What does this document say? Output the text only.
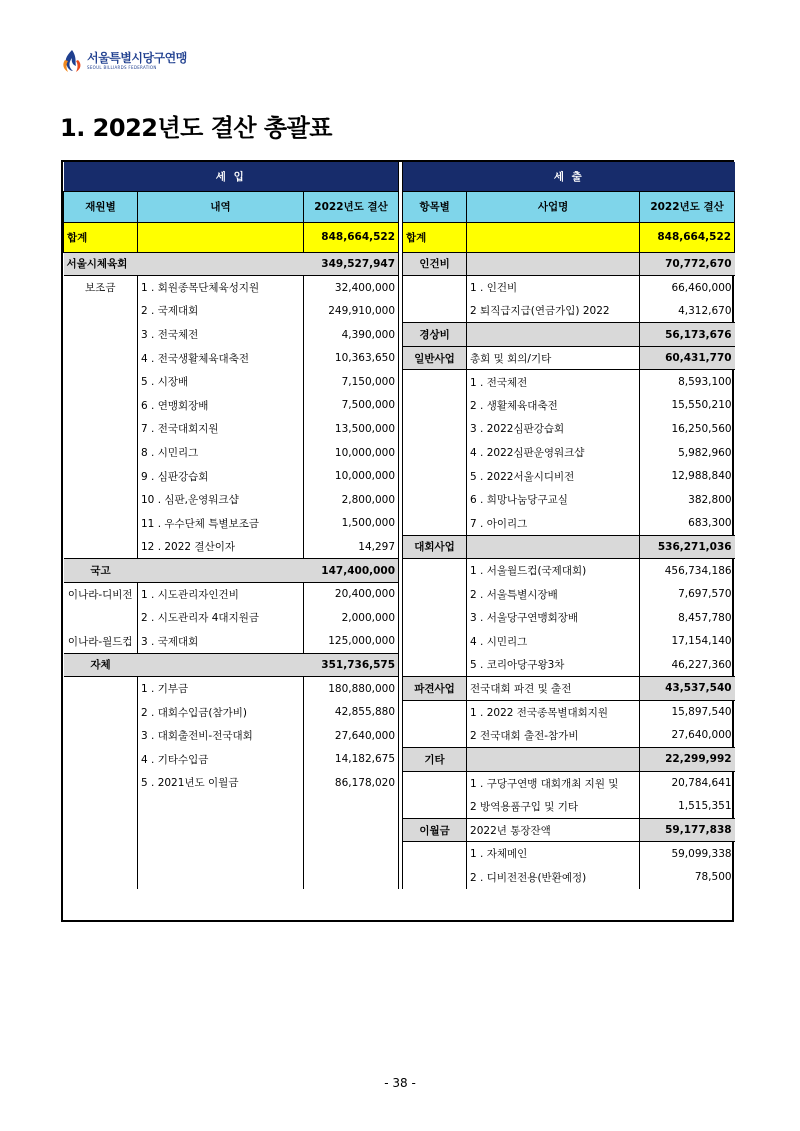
서울특별시당구연맹
SEOUL BILLIARDS FEDERATION
1. 2022년도 결산 총괄표
세 입				세 출		
재원별	내역	2022년도 결산		항목별	사업명	2022년도 결산
합계		848,664,522		합계		848,664,522
서울시체육회		349,527,947		인건비		70,772,670
보조금	1 . 회원종목단체육성지원	32,400,000			1 . 인건비	66,460,000
	2 . 국제대회	249,910,000			2 퇴직급지급(연금가입) 2022	4,312,670
	3 . 전국체전	4,390,000		경상비		56,173,676
	4 . 전국생활체육대축전	10,363,650		일반사업	총회 및 회의/기타	60,431,770
	5 . 시장배	7,150,000			1 . 전국체전	8,593,100
	6 . 연맹회장배	7,500,000			2 . 생활체육대축전	15,550,210
	7 . 전국대회지원	13,500,000			3 . 2022심판강습회	16,250,560
	8 . 시민리그	10,000,000			4 . 2022심판운영워크샵	5,982,960
	9 . 심판강습회	10,000,000			5 . 2022서울시디비전	12,988,840
	10 . 심판,운영워크샵	2,800,000			6 . 희망나눔당구교실	382,800
	11 . 우수단체 특별보조금	1,500,000			7 . 아이리그	683,300
	12 . 2022 결산이자	14,297		대회사업		536,271,036
국고		147,400,000			1 . 서울월드컵(국제대회)	456,734,186
이나라-디비전	1 . 시도관리자인건비	20,400,000			2 . 서울특별시장배	7,697,570
	2 . 시도관리자 4대지원금	2,000,000			3 . 서울당구연맹회장배	8,457,780
이나라-월드컵	3 . 국제대회	125,000,000			4 . 시민리그	17,154,140
자체		351,736,575			5 . 코리아당구왕3차	46,227,360
	1 . 기부금	180,880,000		파견사업	전국대회 파견 및 출전	43,537,540
	2 . 대회수입금(참가비)	42,855,880			1 . 2022 전국종목별대회지원	15,897,540
	3 . 대회출전비-전국대회	27,640,000			2 전국대회 출전-참가비	27,640,000
	4 . 기타수입금	14,182,675		기타		22,299,992
	5 . 2021년도 이월금	86,178,020			1 . 구당구연맹 대회개최 지원 및	20,784,641
					2 방역용품구입 및 기타	1,515,351
				이월금	2022년 통장잔액	59,177,838
					1 . 자체메인	59,099,338
					2 . 디비전전용(반환예정)	78,500
- 38 -
